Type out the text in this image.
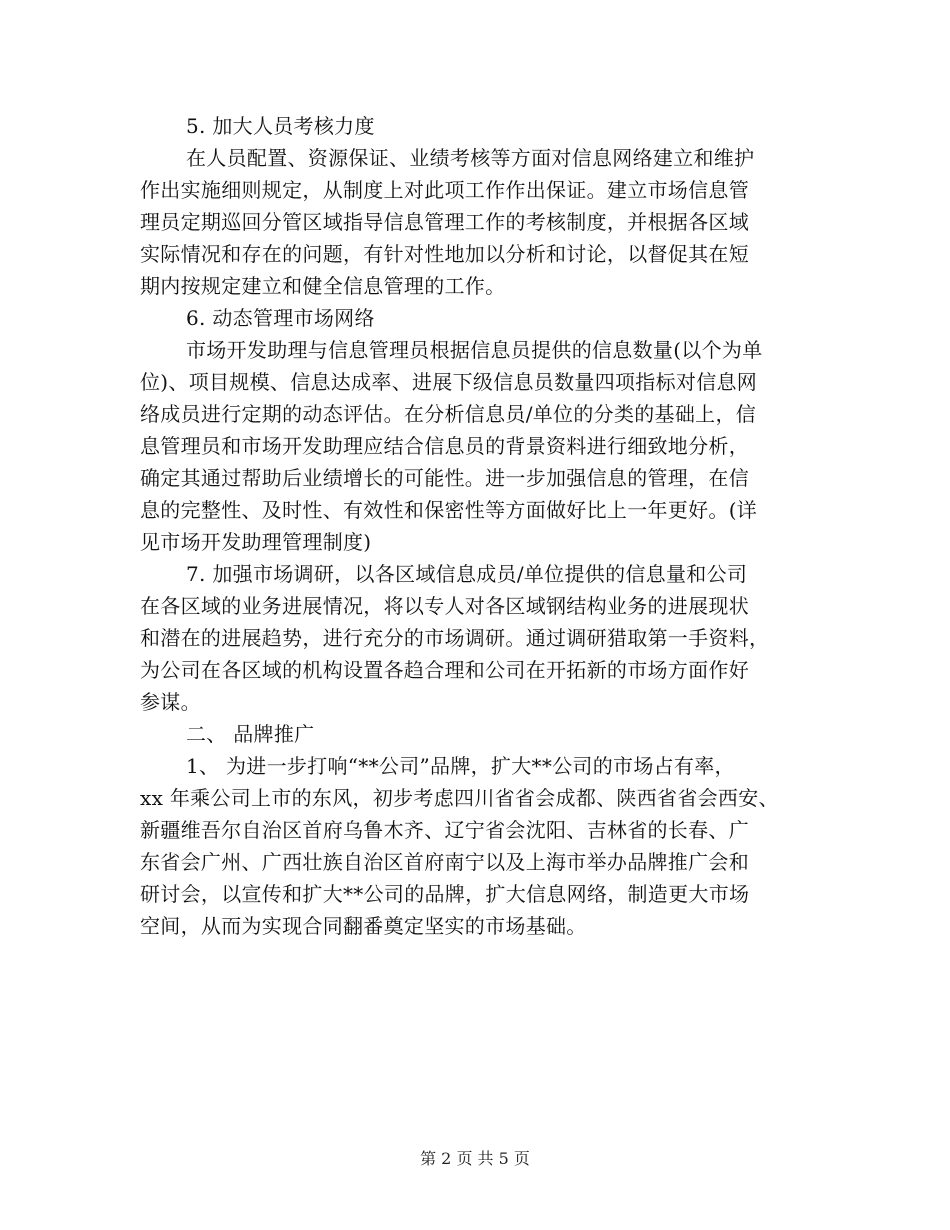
5. 加大人员考核力度
在人员配置、资源保证、业绩考核等方面对信息网络建立和维护
作出实施细则规定，从制度上对此项工作作出保证。建立市场信息管
理员定期巡回分管区域指导信息管理工作的考核制度，并根据各区域
实际情况和存在的问题，有针对性地加以分析和讨论，以督促其在短
期内按规定建立和健全信息管理的工作。
6. 动态管理市场网络
市场开发助理与信息管理员根据信息员提供的信息数量(以个为单
位)、项目规模、信息达成率、进展下级信息员数量四项指标对信息网
络成员进行定期的动态评估。在分析信息员/单位的分类的基础上，信
息管理员和市场开发助理应结合信息员的背景资料进行细致地分析，
确定其通过帮助后业绩增长的可能性。进一步加强信息的管理，在信
息的完整性、及时性、有效性和保密性等方面做好比上一年更好。(详
见市场开发助理管理制度)
7. 加强市场调研，以各区域信息成员/单位提供的信息量和公司
在各区域的业务进展情况，将以专人对各区域钢结构业务的进展现状
和潜在的进展趋势，进行充分的市场调研。通过调研猎取第一手资料，
为公司在各区域的机构设置各趋合理和公司在开拓新的市场方面作好
参谋。
二、 品牌推广
1、 为进一步打响“**公司”品牌，扩大**公司的市场占有率，
xx 年乘公司上市的东风，初步考虑四川省省会成都、陕西省省会西安、
新疆维吾尔自治区首府乌鲁木齐、辽宁省会沈阳、吉林省的长春、广
东省会广州、广西壮族自治区首府南宁以及上海市举办品牌推广会和
研讨会，以宣传和扩大**公司的品牌，扩大信息网络，制造更大市场
空间，从而为实现合同翻番奠定坚实的市场基础。
第 2 页 共 5 页
